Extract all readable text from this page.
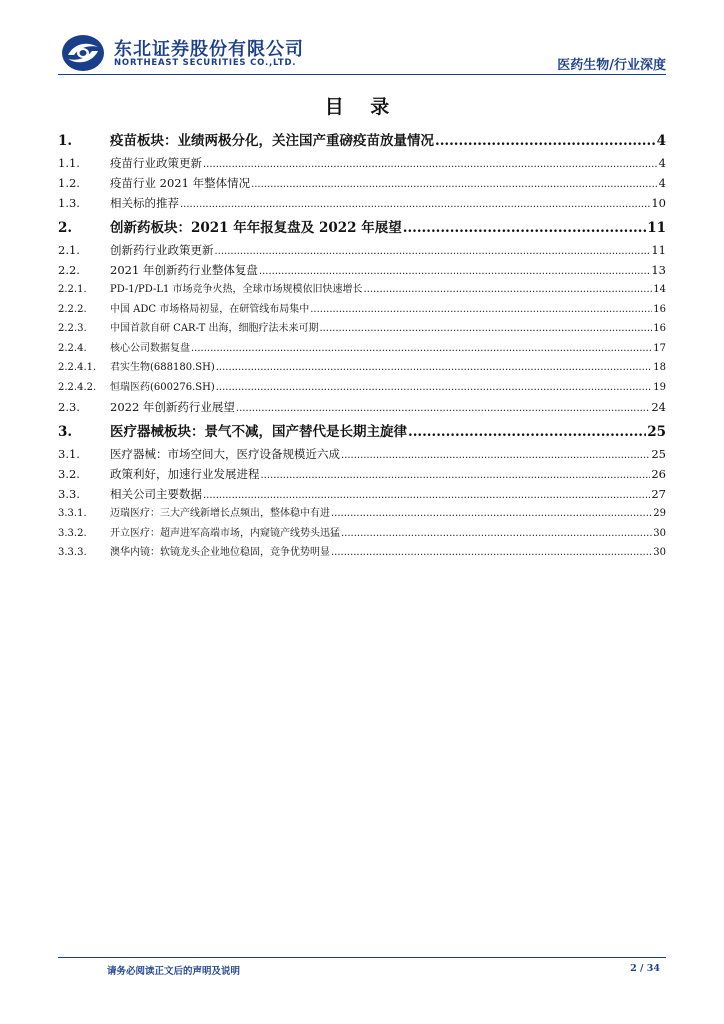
东北证券股份有限公司
NORTHEAST SECURITIES CO.,LTD.	医药生物/行业深度
目 录
1.	疫苗板块：业绩两极分化，关注国产重磅疫苗放量情况 .....	4
1.1.	疫苗行业政策更新 .....	4
1.2.	疫苗行业 2021 年整体情况 .....	4
1.3.	相关标的推荐 .....	10
2.	创新药板块：2021 年年报复盘及 2022 年展望 .....	11
2.1.	创新药行业政策更新 .....	11
2.2.	2021 年创新药行业整体复盘 .....	13
2.2.1.	PD-1/PD-L1 市场竞争火热，全球市场规模依旧快速增长 .....	14
2.2.2.	中国 ADC 市场格局初显，在研管线布局集中 .....	16
2.2.3.	中国首款自研 CAR-T 出海，细胞疗法未来可期 .....	16
2.2.4.	核心公司数据复盘 .....	17
2.2.4.1.	君实生物(688180.SH) .....	18
2.2.4.2.	恒瑞医药(600276.SH) .....	19
2.3.	2022 年创新药行业展望 .....	24
3.	医疗器械板块：景气不减，国产替代是长期主旋律 .....	25
3.1.	医疗器械：市场空间大，医疗设备规模近六成 .....	25
3.2.	政策利好，加速行业发展进程 .....	26
3.3.	相关公司主要数据 .....	27
3.3.1.	迈瑞医疗：三大产线新增长点频出，整体稳中有进 .....	29
3.3.2.	开立医疗：超声进军高端市场，内窥镜产线势头迅猛 .....	30
3.3.3.	澳华内镜：软镜龙头企业地位稳固，竞争优势明显 .....	30
请务必阅读正文后的声明及说明	2 / 34
